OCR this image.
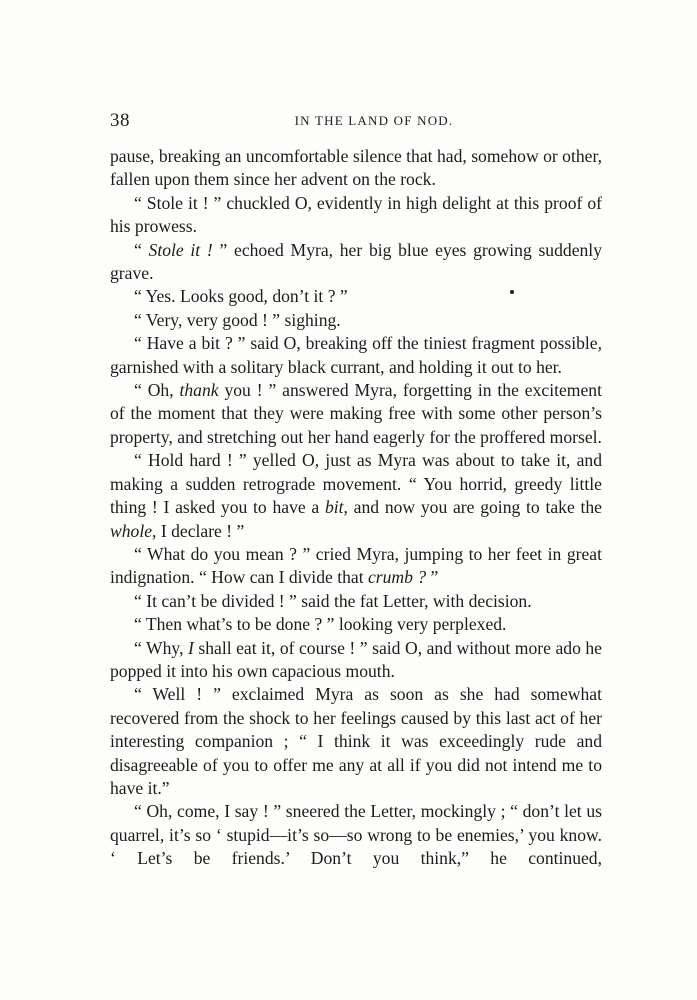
38	IN THE LAND OF NOD.

pause, breaking an uncomfortable silence that had, somehow or other, fallen upon them since her advent on the rock.

“ Stole it ! ” chuckled O, evidently in high delight at this proof of his prowess.

“ Stole it ! ” echoed Myra, her big blue eyes growing suddenly grave.

“ Yes. Looks good, don’t it ? ”

“ Very, very good ! ” sighing.

“ Have a bit ? ” said O, breaking off the tiniest fragment possible, garnished with a solitary black currant, and holding it out to her.

“ Oh, thank you ! ” answered Myra, forgetting in the excitement of the moment that they were making free with some other person’s property, and stretching out her hand eagerly for the proffered morsel.

“ Hold hard ! ” yelled O, just as Myra was about to take it, and making a sudden retrograde movement. “ You horrid, greedy little thing ! I asked you to have a bit, and now you are going to take the whole, I declare ! ”

“ What do you mean ? ” cried Myra, jumping to her feet in great indignation. “ How can I divide that crumb ? ”

“ It can’t be divided ! ” said the fat Letter, with decision.

“ Then what’s to be done ? ” looking very perplexed.

“ Why, I shall eat it, of course ! ” said O, and without more ado he popped it into his own capacious mouth.

“ Well ! ” exclaimed Myra as soon as she had somewhat recovered from the shock to her feelings caused by this last act of her interesting companion ; “ I think it was exceedingly rude and disagreeable of you to offer me any at all if you did not intend me to have it.”

“ Oh, come, I say ! ” sneered the Letter, mockingly ; “ don’t let us quarrel, it’s so ‘ stupid—it’s so—so wrong to be enemies,’ you know. ‘ Let’s be friends.’ Don’t you think,” he continued,
